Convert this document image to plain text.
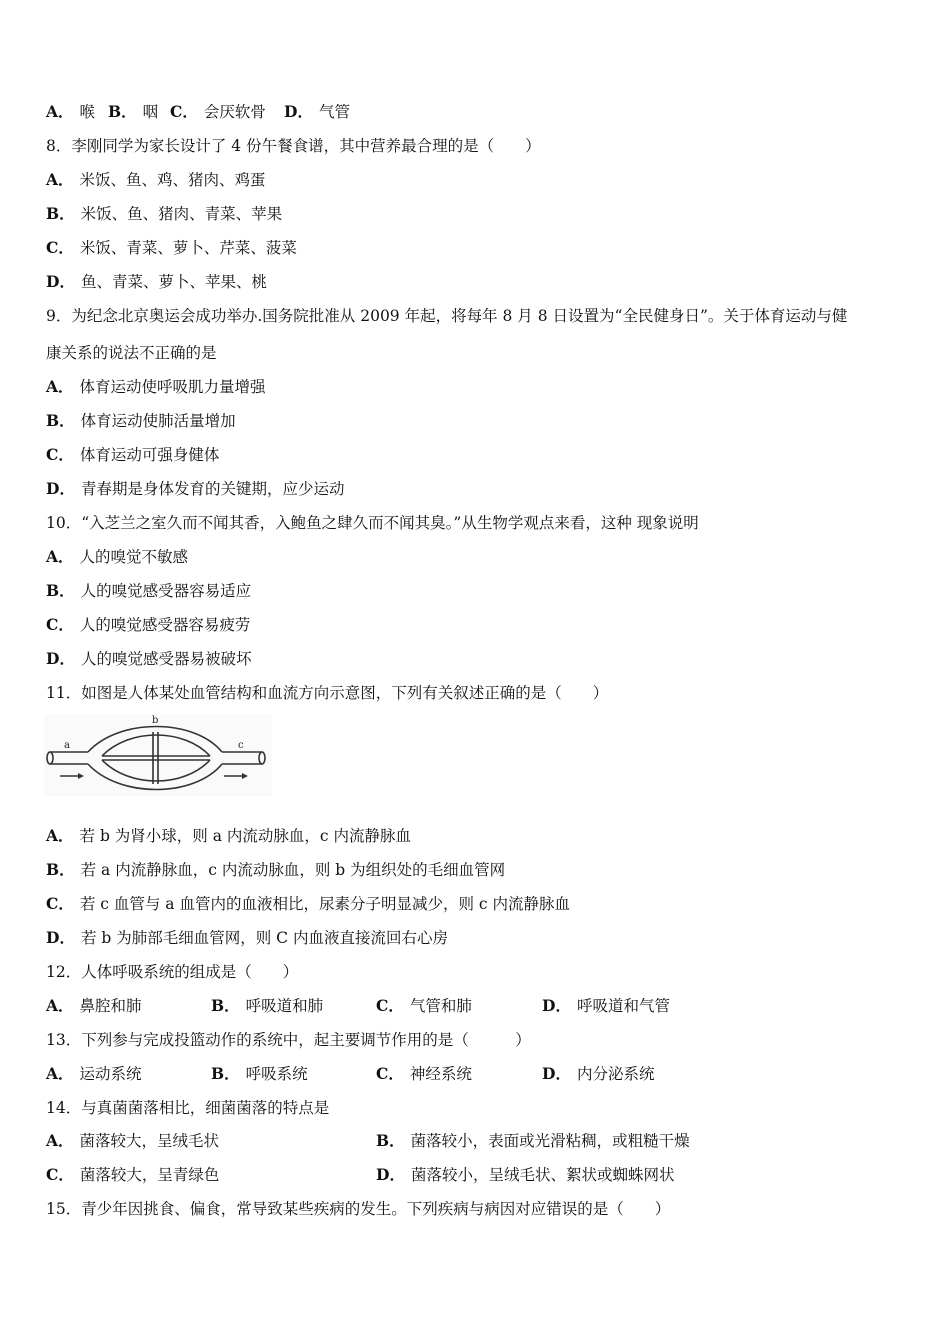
A． 喉 B． 咽 C． 会厌软骨 D． 气管
8．李刚同学为家长设计了 4 份午餐食谱，其中营养最合理的是（　　）
A． 米饭、鱼、鸡、猪肉、鸡蛋
B． 米饭、鱼、猪肉、青菜、苹果
C． 米饭、青菜、萝卜、芹菜、菠菜
D． 鱼、青菜、萝卜、苹果、桃
9．为纪念北京奥运会成功举办.国务院批准从 2009 年起，将每年 8 月 8 日设置为“全民健身日”。关于体育运动与健
康关系的说法不正确的是
A． 体育运动使呼吸肌力量增强
B． 体育运动使肺活量增加
C． 体育运动可强身健体
D． 青春期是身体发育的关键期，应少运动
10．“入芝兰之室久而不闻其香，入鲍鱼之肆久而不闻其臭。”从生物学观点来看，这种 现象说明
A． 人的嗅觉不敏感
B． 人的嗅觉感受器容易适应
C． 人的嗅觉感受器容易疲劳
D． 人的嗅觉感受器易被破坏
11．如图是人体某处血管结构和血流方向示意图，下列有关叙述正确的是（　　）
a
b
c
A． 若 b 为肾小球，则 a 内流动脉血，c 内流静脉血
B． 若 a 内流静脉血，c 内流动脉血，则 b 为组织处的毛细血管网
C． 若 c 血管与 a 血管内的血液相比，尿素分子明显减少，则 c 内流静脉血
D． 若 b 为肺部毛细血管网，则 C 内血液直接流回右心房
12．人体呼吸系统的组成是（　　）
A． 鼻腔和肺	B． 呼吸道和肺	C． 气管和肺	D． 呼吸道和气管
13．下列参与完成投篮动作的系统中，起主要调节作用的是（　　　）
A． 运动系统	B． 呼吸系统	C． 神经系统	D． 内分泌系统
14．与真菌菌落相比，细菌菌落的特点是
A． 菌落较大，呈绒毛状	B． 菌落较小，表面或光滑粘稠，或粗糙干燥
C． 菌落较大，呈青绿色	D． 菌落较小，呈绒毛状、絮状或蜘蛛网状
15．青少年因挑食、偏食，常导致某些疾病的发生。下列疾病与病因对应错误的是（　　）
